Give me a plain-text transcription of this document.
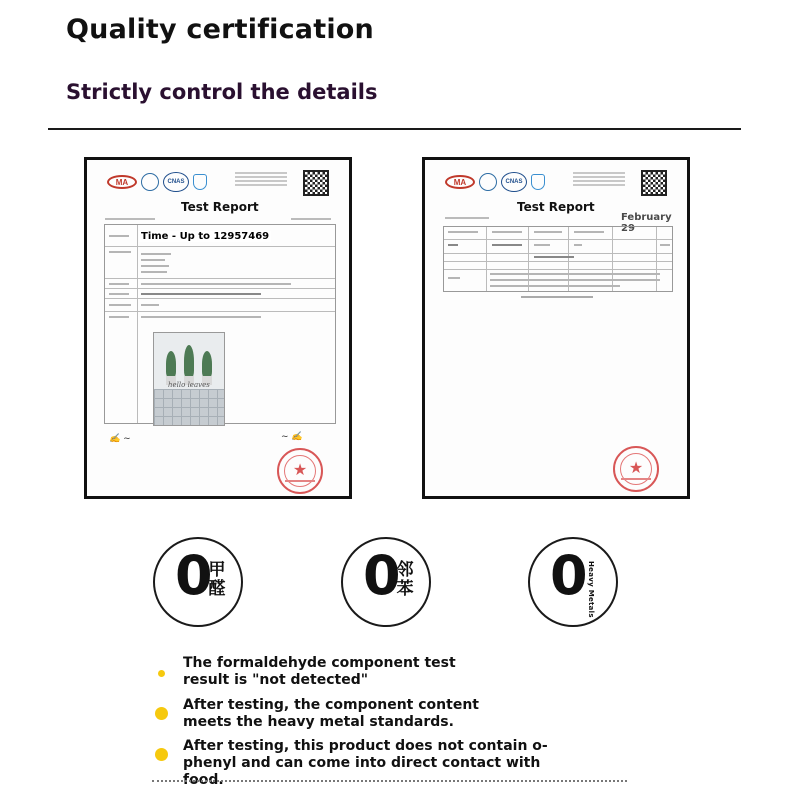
Quality certification
Strictly control the details
MA	CNAS
Test Report
Time - Up to 12957469
hello leaves
✍ ~	~ ✍
★
MA	CNAS
Test Report
February 29
★
0
甲
醛	0
邻
苯	0 Heavy Metals
The formaldehyde component test
result is "not detected"
After testing, the component content
meets the heavy metal standards.
After testing, this product does not contain o-
phenyl and can come into direct contact with food.
